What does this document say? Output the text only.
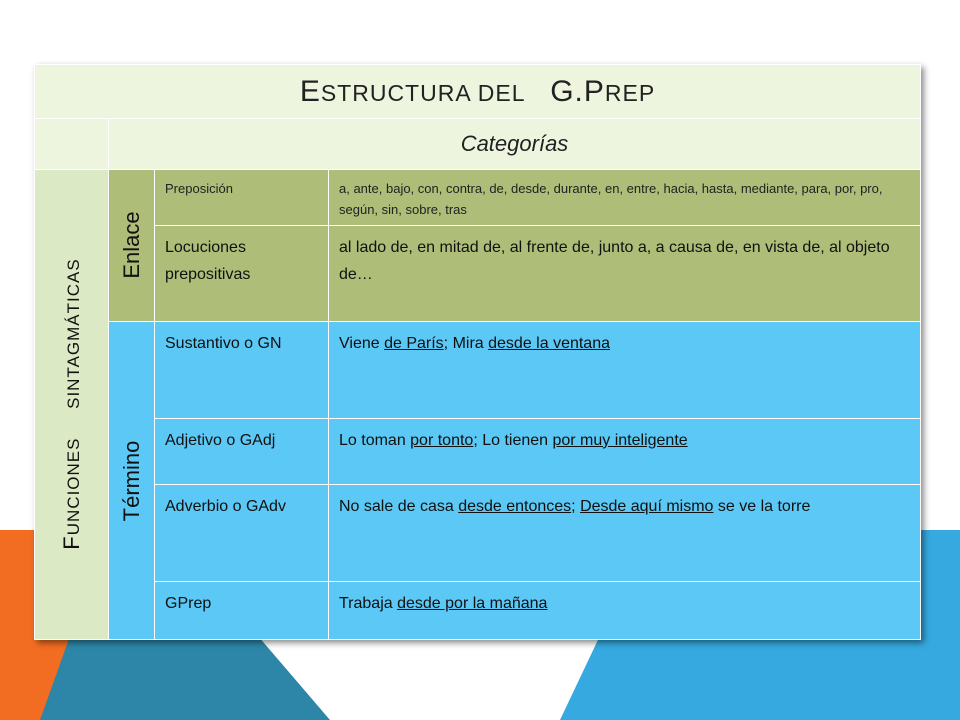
ESTRUCTURA DEL G.PREP			
	Categorías		

FUNCIONES     SINTAGMÁTICAS	Enlace	Preposición	a, ante, bajo, con, contra, de, desde, durante, en, entre, hacia, hasta, mediante, para, por, pro, según, sin, sobre, tras

		Locuciones prepositivas	al lado de, en mitad de, al frente de, junto a, a causa de, en vista de, al objeto de…

	Término	Sustantivo o GN	Viene de París; Mira desde la ventana

		Adjetivo o GAdj	Lo toman por tonto; Lo tienen por muy inteligente

		Adverbio o GAdv	No sale de casa desde entonces; Desde aquí mismo se ve la torre

		GPrep	Trabaja desde por la mañana
